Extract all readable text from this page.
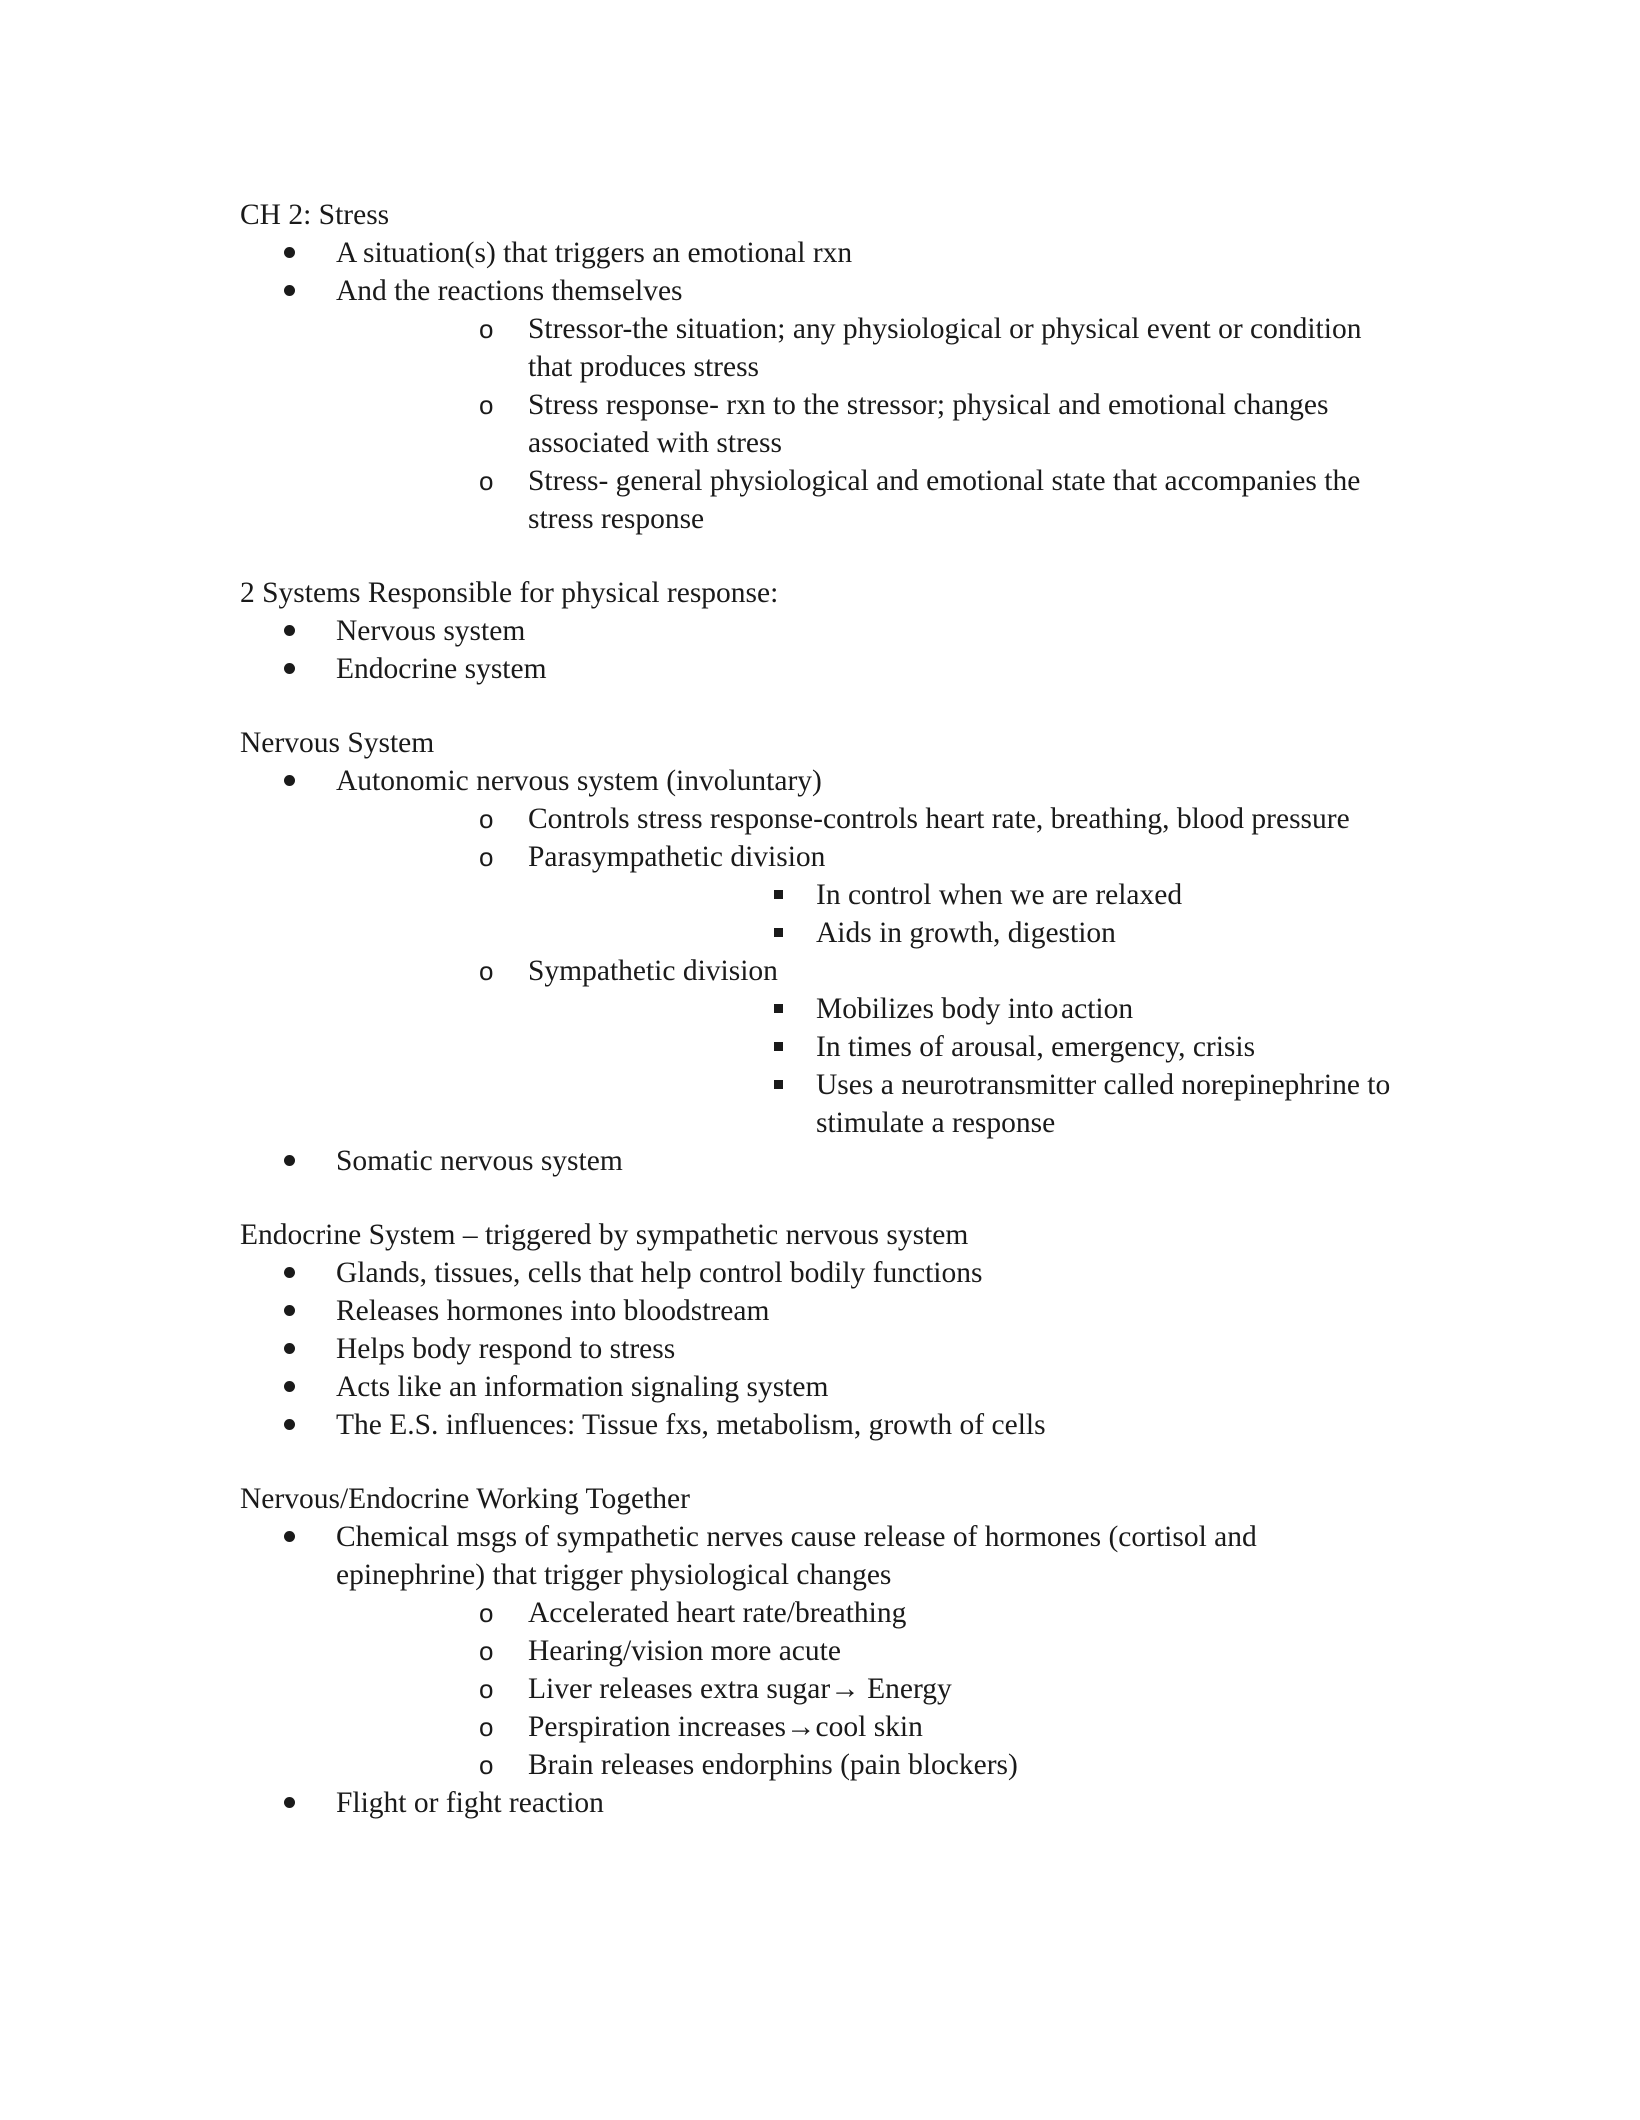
CH 2: Stress
A situation(s) that triggers an emotional rxn
And the reactions themselves
o Stressor-the situation; any physiological or physical event or condition that produces stress
o Stress response- rxn to the stressor; physical and emotional changes associated with stress
o Stress- general physiological and emotional state that accompanies the stress response
2 Systems Responsible for physical response:
Nervous system
Endocrine system
Nervous System
Autonomic nervous system (involuntary)
o Controls stress response-controls heart rate, breathing, blood pressure
o Parasympathetic division
In control when we are relaxed
Aids in growth, digestion
o Sympathetic division
Mobilizes body into action
In times of arousal, emergency, crisis
Uses a neurotransmitter called norepinephrine to stimulate a response
Somatic nervous system
Endocrine System – triggered by sympathetic nervous system
Glands, tissues, cells that help control bodily functions
Releases hormones into bloodstream
Helps body respond to stress
Acts like an information signaling system
The E.S. influences: Tissue fxs, metabolism, growth of cells
Nervous/Endocrine Working Together
Chemical msgs of sympathetic nerves cause release of hormones (cortisol and epinephrine) that trigger physiological changes
o Accelerated heart rate/breathing
o Hearing/vision more acute
o Liver releases extra sugar→ Energy
o Perspiration increases→cool skin
o Brain releases endorphins (pain blockers)
Flight or fight reaction
